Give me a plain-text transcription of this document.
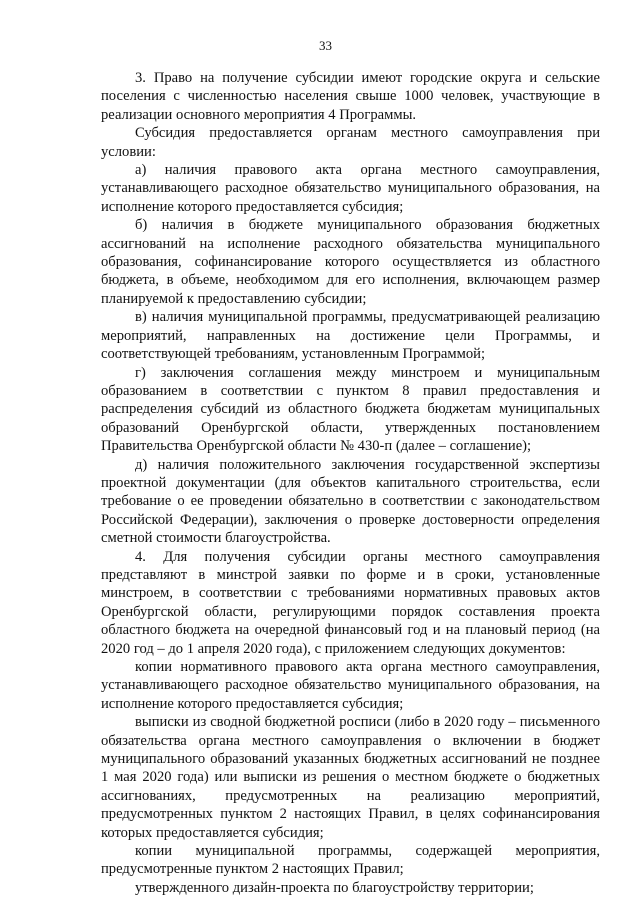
33

3. Право на получение субсидии имеют городские округа и сельские поселения с численностью населения свыше 1000 человек, участвующие в реализации основного мероприятия 4 Программы.

Субсидия предоставляется органам местного самоуправления при условии:

а) наличия правового акта органа местного самоуправления, устанавливающего расходное обязательство муниципального образования, на исполнение которого предоставляется субсидия;

б) наличия в бюджете муниципального образования бюджетных ассигнований на исполнение расходного обязательства муниципального образования, софинансирование которого осуществляется из областного бюджета, в объеме, необходимом для его исполнения, включающем размер планируемой к предоставлению субсидии;

в) наличия муниципальной программы, предусматривающей реализацию мероприятий, направленных на достижение цели Программы, и соответствующей требованиям, установленным Программой;

г) заключения соглашения между минстроем и муниципальным образованием в соответствии с пунктом 8 правил предоставления и распределения субсидий из областного бюджета бюджетам муниципальных образований Оренбургской области, утвержденных постановлением Правительства Оренбургской области № 430-п (далее – соглашение);

д) наличия положительного заключения государственной экспертизы проектной документации (для объектов капитального строительства, если требование о ее проведении обязательно в соответствии с законодательством Российской Федерации), заключения о проверке достоверности определения сметной стоимости благоустройства.

4. Для получения субсидии органы местного самоуправления представляют в минстрой заявки по форме и в сроки, установленные минстроем, в соответствии с требованиями нормативных правовых актов Оренбургской области, регулирующими порядок составления проекта областного бюджета на очередной финансовый год и на плановый период (на 2020 год – до 1 апреля 2020 года), с приложением следующих документов:

копии нормативного правового акта органа местного самоуправления, устанавливающего расходное обязательство муниципального образования, на исполнение которого предоставляется субсидия;

выписки из сводной бюджетной росписи (либо в 2020 году – письменного обязательства органа местного самоуправления о включении в бюджет муниципального образований указанных бюджетных ассигнований не позднее 1 мая 2020 года) или выписки из решения о местном бюджете о бюджетных ассигнованиях, предусмотренных на реализацию мероприятий, предусмотренных пунктом 2 настоящих Правил, в целях софинансирования которых предоставляется субсидия;

копии муниципальной программы, содержащей мероприятия, предусмотренные пунктом 2 настоящих Правил;

утвержденного дизайн-проекта по благоустройству территории;
